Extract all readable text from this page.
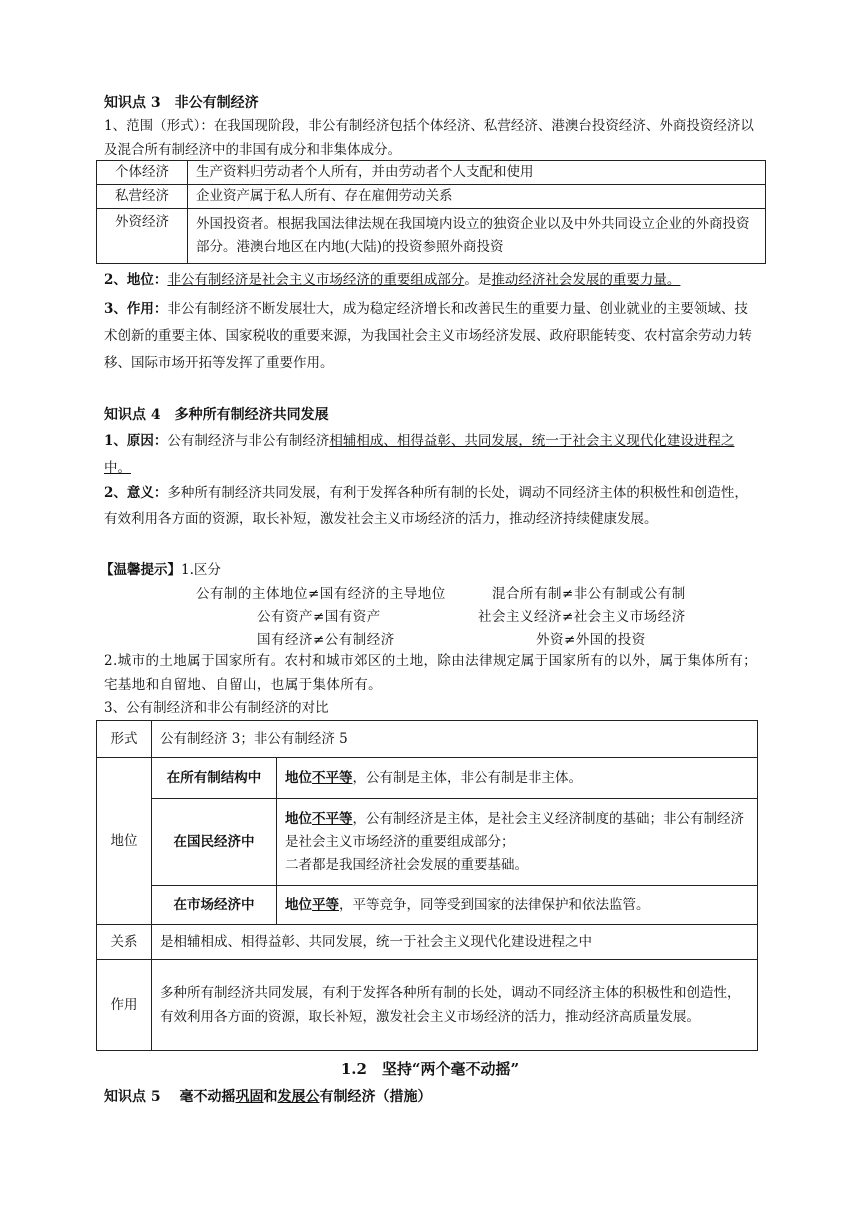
知识点 3　非公有制经济
1、范围（形式）：在我国现阶段，非公有制经济包括个体经济、私营经济、港澳台投资经济、外商投资经济以及混合所有制经济中的非国有成分和非集体成分。
个体经济	生产资料归劳动者个人所有，并由劳动者个人支配和使用
私营经济	企业资产属于私人所有、存在雇佣劳动关系
外资经济	外国投资者。根据我国法律法规在我国境内设立的独资企业以及中外共同设立企业的外商投资部分。港澳台地区在内地(大陆)的投资参照外商投资
2、地位：非公有制经济是社会主义市场经济的重要组成部分。是推动经济社会发展的重要力量。
3、作用：非公有制经济不断发展壮大，成为稳定经济增长和改善民生的重要力量、创业就业的主要领域、技术创新的重要主体、国家税收的重要来源，为我国社会主义市场经济发展、政府职能转变、农村富余劳动力转移、国际市场开拓等发挥了重要作用。
知识点 4　多种所有制经济共同发展
1、原因：公有制经济与非公有制经济相辅相成、相得益彰、共同发展，统一于社会主义现代化建设进程之中。
2、意义：多种所有制经济共同发展，有利于发挥各种所有制的长处，调动不同经济主体的积极性和创造性，有效利用各方面的资源，取长补短，激发社会主义市场经济的活力，推动经济持续健康发展。
【温馨提示】1.区分
公有制的主体地位≠国有经济的主导地位	混合所有制≠非公有制或公有制
公有资产≠国有资产	社会主义经济≠社会主义市场经济
国有经济≠公有制经济	外资≠外国的投资
2.城市的土地属于国家所有。农村和城市郊区的土地，除由法律规定属于国家所有的以外，属于集体所有；宅基地和自留地、自留山，也属于集体所有。
3、公有制经济和非公有制经济的对比
形式	公有制经济 3；非公有制经济 5	
地位	在所有制结构中	地位不平等，公有制是主体，非公有制是非主体。
	在国民经济中	地位不平等，公有制经济是主体，是社会主义经济制度的基础；非公有制经济是社会主义市场经济的重要组成部分；
二者都是我国经济社会发展的重要基础。
	在市场经济中	地位平等，平等竞争，同等受到国家的法律保护和依法监管。
关系	是相辅相成、相得益彰、共同发展，统一于社会主义现代化建设进程之中	
作用	多种所有制经济共同发展，有利于发挥各种所有制的长处，调动不同经济主体的积极性和创造性，有效利用各方面的资源，取长补短，激发社会主义市场经济的活力，推动经济高质量发展。	
1.2　坚持“两个毫不动摇”
知识点 5　 毫不动摇巩固和发展公有制经济（措施）
